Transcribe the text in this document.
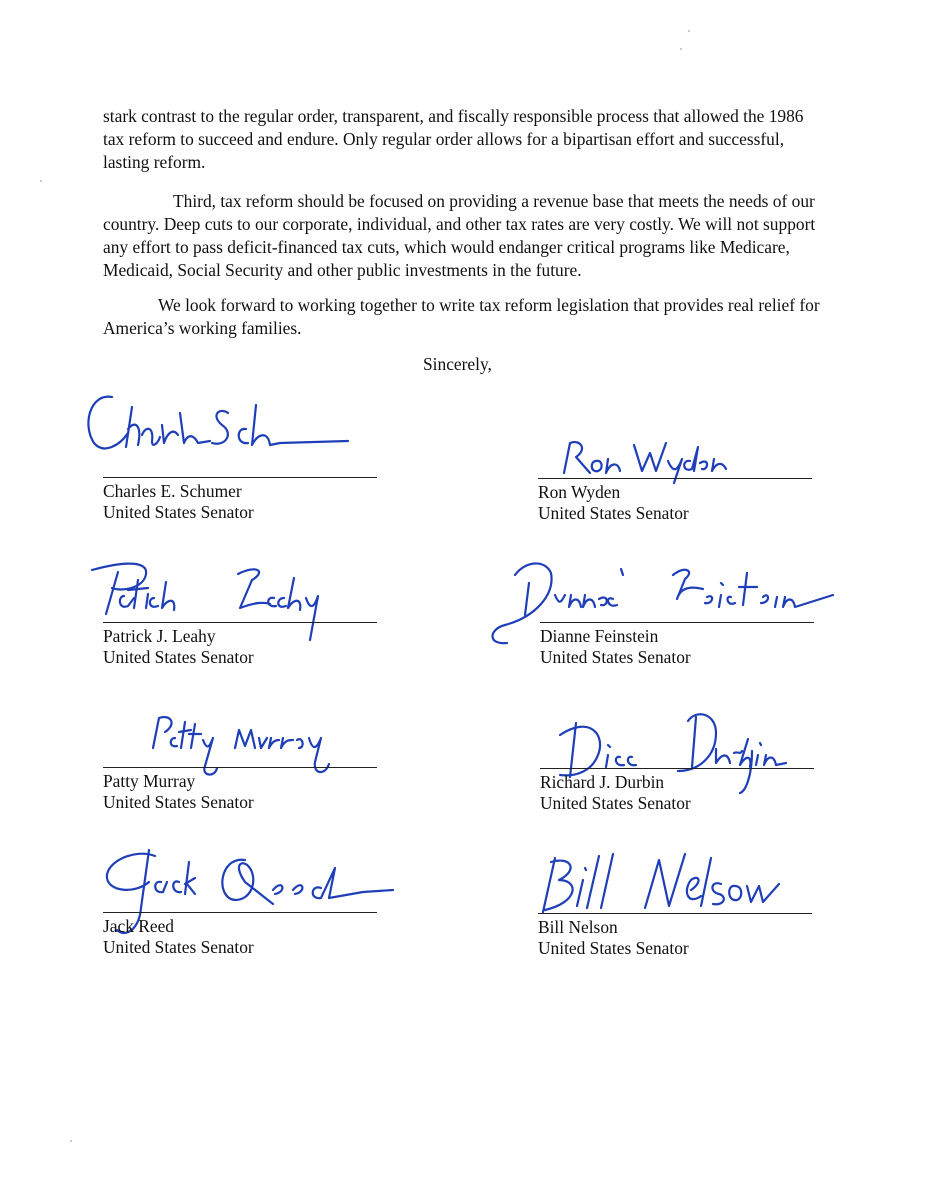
stark contrast to the regular order, transparent, and fiscally responsible process that allowed the 1986 tax reform to succeed and endure. Only regular order allows for a bipartisan effort and successful, lasting reform.

Third, tax reform should be focused on providing a revenue base that meets the needs of our country. Deep cuts to our corporate, individual, and other tax rates are very costly. We will not support any effort to pass deficit-financed tax cuts, which would endanger critical programs like Medicare, Medicaid, Social Security and other public investments in the future.

We look forward to working together to write tax reform legislation that provides real relief for America’s working families.

Sincerely,
Charles E. Schumer
United States Senator
Ron Wyden
United States Senator
Patrick J. Leahy
United States Senator
Dianne Feinstein
United States Senator
Patty Murray
United States Senator
Richard J. Durbin
United States Senator
Jack Reed
United States Senator
Bill Nelson
United States Senator
